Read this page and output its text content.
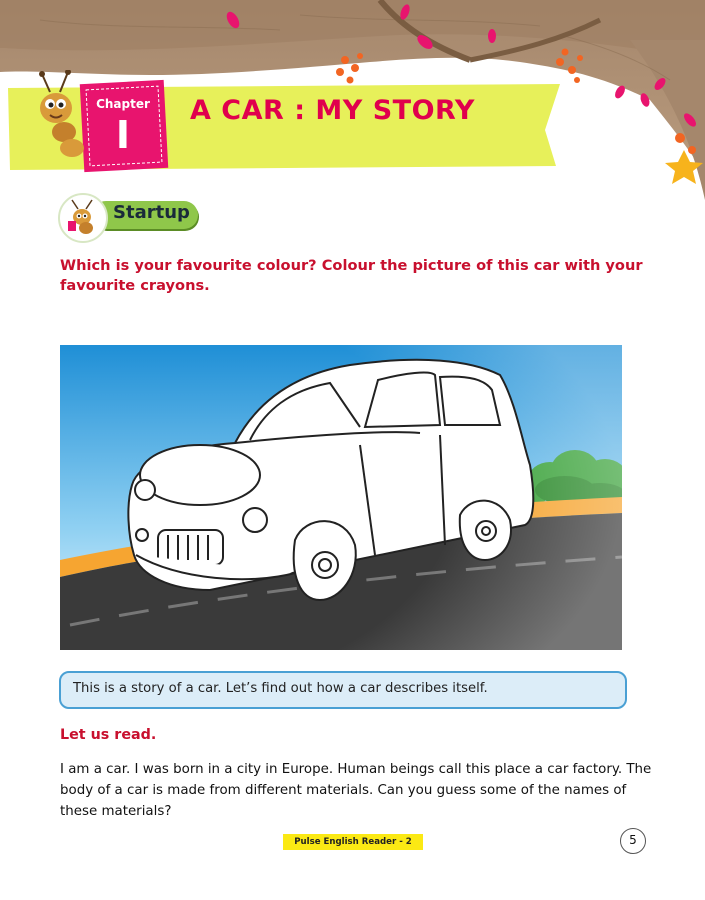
Chapter
I
A CAR : MY STORY
Startup
Which is your favourite colour? Colour the picture of this car with your favourite crayons.
This is a story of a car. Let’s find out how a car describes itself.
Let us read.
I am a car. I was born in a city in Europe. Human beings call this place a car factory. The body of a car is made from different materials. Can you guess some of the names of these materials?
Pulse English Reader - 2	5
